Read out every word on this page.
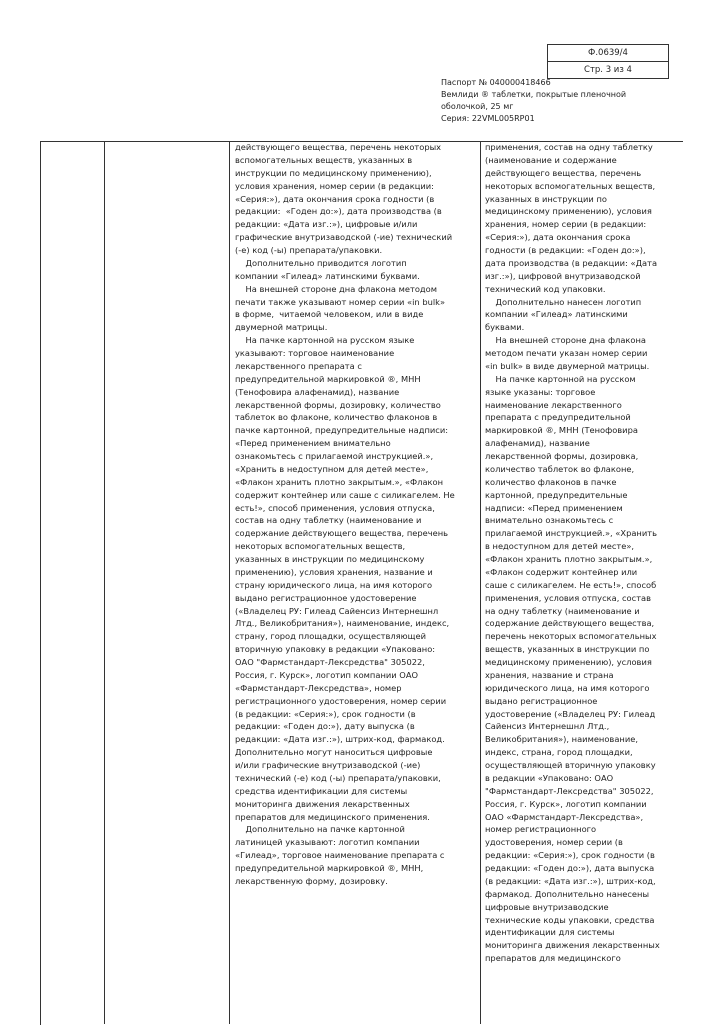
Ф.0639/4
Стр. 3 из 4
Паспорт № 040000418466
Вемлиди ® таблетки, покрытые пленочной
оболочкой, 25 мг
Серия: 22VML005RP01
действующего вещества, перечень некоторых
вспомогательных веществ, указанных в
инструкции по медицинскому применению),
условия хранения, номер серии (в редакции:
«Серия:»), дата окончания срока годности (в
редакции:  «Годен до:»), дата производства (в
редакции: «Дата изг.:»), цифровые и/или
графические внутризаводской (-ие) технический
(-е) код (-ы) препарата/упаковки.
Дополнительно приводится логотип
компании «Гилеад» латинскими буквами.
На внешней стороне дна флакона методом
печати также указывают номер серии «in bulk»
в форме,  читаемой человеком, или в виде
двумерной матрицы.
На пачке картонной на русском языке
указывают: торговое наименование
лекарственного препарата с
предупредительной маркировкой ®, МНН
(Тенофовира алафенамид), название
лекарственной формы, дозировку, количество
таблеток во флаконе, количество флаконов в
пачке картонной, предупредительные надписи:
«Перед применением внимательно
ознакомьтесь с прилагаемой инструкцией.»,
«Хранить в недоступном для детей месте»,
«Флакон хранить плотно закрытым.», «Флакон
содержит контейнер или саше с силикагелем. Не
есть!», способ применения, условия отпуска,
состав на одну таблетку (наименование и
содержание действующего вещества, перечень
некоторых вспомогательных веществ,
указанных в инструкции по медицинскому
применению), условия хранения, название и
страну юридического лица, на имя которого
выдано регистрационное удостоверение
(«Владелец РУ: Гилеад Сайенсиз Интернешнл
Лтд., Великобритания»), наименование, индекс,
страну, город площадки, осуществляющей
вторичную упаковку в редакции «Упаковано:
ОАО "Фармстандарт-Лексредства" 305022,
Россия, г. Курск», логотип компании ОАО
«Фармстандарт-Лексредства», номер
регистрационного удостоверения, номер серии
(в редакции: «Серия:»), срок годности (в
редакции: «Годен до:»), дату выпуска (в
редакции: «Дата изг.:»), штрих-код, фармакод.
Дополнительно могут наноситься цифровые
и/или графические внутризаводской (-ие)
технический (-е) код (-ы) препарата/упаковки,
средства идентификации для системы
мониторинга движения лекарственных
препаратов для медицинского применения.
Дополнительно на пачке картонной
латиницей указывают: логотип компании
«Гилеад», торговое наименование препарата с
предупредительной маркировкой ®, МНН,
лекарственную форму, дозировку.
применения, состав на одну таблетку
(наименование и содержание
действующего вещества, перечень
некоторых вспомогательных веществ,
указанных в инструкции по
медицинскому применению), условия
хранения, номер серии (в редакции:
«Серия:»), дата окончания срока
годности (в редакции: «Годен до:»),
дата производства (в редакции: «Дата
изг.:»), цифровой внутризаводской
технический код упаковки.
Дополнительно нанесен логотип
компании «Гилеад» латинскими
буквами.
На внешней стороне дна флакона
методом печати указан номер серии
«in bulk» в виде двумерной матрицы.
На пачке картонной на русском
языке указаны: торговое
наименование лекарственного
препарата с предупредительной
маркировкой ®, МНН (Тенофовира
алафенамид), название
лекарственной формы, дозировка,
количество таблеток во флаконе,
количество флаконов в пачке
картонной, предупредительные
надписи: «Перед применением
внимательно ознакомьтесь с
прилагаемой инструкцией.», «Хранить
в недоступном для детей месте»,
«Флакон хранить плотно закрытым.»,
«Флакон содержит контейнер или
саше с силикагелем. Не есть!», способ
применения, условия отпуска, состав
на одну таблетку (наименование и
содержание действующего вещества,
перечень некоторых вспомогательных
веществ, указанных в инструкции по
медицинскому применению), условия
хранения, название и страна
юридического лица, на имя которого
выдано регистрационное
удостоверение («Владелец РУ: Гилеад
Сайенсиз Интернешнл Лтд.,
Великобритания»), наименование,
индекс, страна, город площадки,
осуществляющей вторичную упаковку
в редакции «Упаковано: ОАО
"Фармстандарт-Лексредства" 305022,
Россия, г. Курск», логотип компании
ОАО «Фармстандарт-Лексредства»,
номер регистрационного
удостоверения, номер серии (в
редакции: «Серия:»), срок годности (в
редакции: «Годен до:»), дата выпуска
(в редакции: «Дата изг.:»), штрих-код,
фармакод. Дополнительно нанесены
цифровые внутризаводские
технические коды упаковки, средства
идентификации для системы
мониторинга движения лекарственных
препаратов для медицинского
